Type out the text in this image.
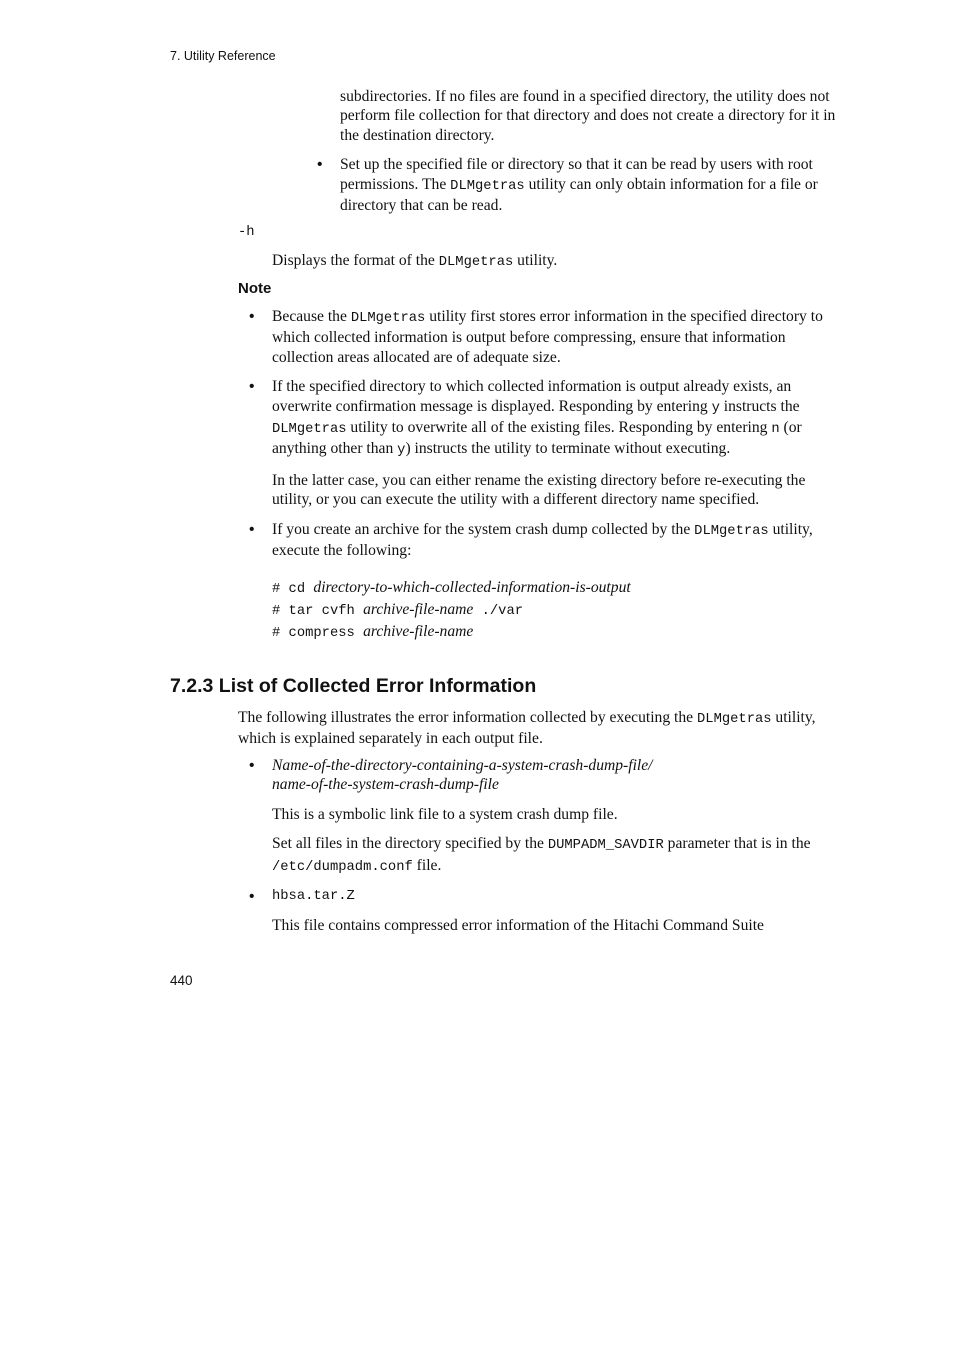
7. Utility Reference

subdirectories. If no files are found in a specified directory, the utility does not perform file collection for that directory and does not create a directory for it in the destination directory.

• Set up the specified file or directory so that it can be read by users with root permissions. The DLMgetras utility can only obtain information for a file or directory that can be read.

-h

Displays the format of the DLMgetras utility.

Note
• Because the DLMgetras utility first stores error information in the specified directory to which collected information is output before compressing, ensure that information collection areas allocated are of adequate size.

• If the specified directory to which collected information is output already exists, an overwrite confirmation message is displayed. Responding by entering y instructs the DLMgetras utility to overwrite all of the existing files. Responding by entering n (or anything other than y) instructs the utility to terminate without executing.

In the latter case, you can either rename the existing directory before re-executing the utility, or you can execute the utility with a different directory name specified.

• If you create an archive for the system crash dump collected by the DLMgetras utility, execute the following:

# cd directory-to-which-collected-information-is-output
# tar cvfh archive-file-name ./var
# compress archive-file-name
7.2.3 List of Collected Error Information

The following illustrates the error information collected by executing the DLMgetras utility, which is explained separately in each output file.

• Name-of-the-directory-containing-a-system-crash-dump-file/
name-of-the-system-crash-dump-file

This is a symbolic link file to a system crash dump file.

Set all files in the directory specified by the DUMPADM_SAVDIR parameter that is in the /etc/dumpadm.conf file.

• hbsa.tar.Z

This file contains compressed error information of the Hitachi Command Suite

440
